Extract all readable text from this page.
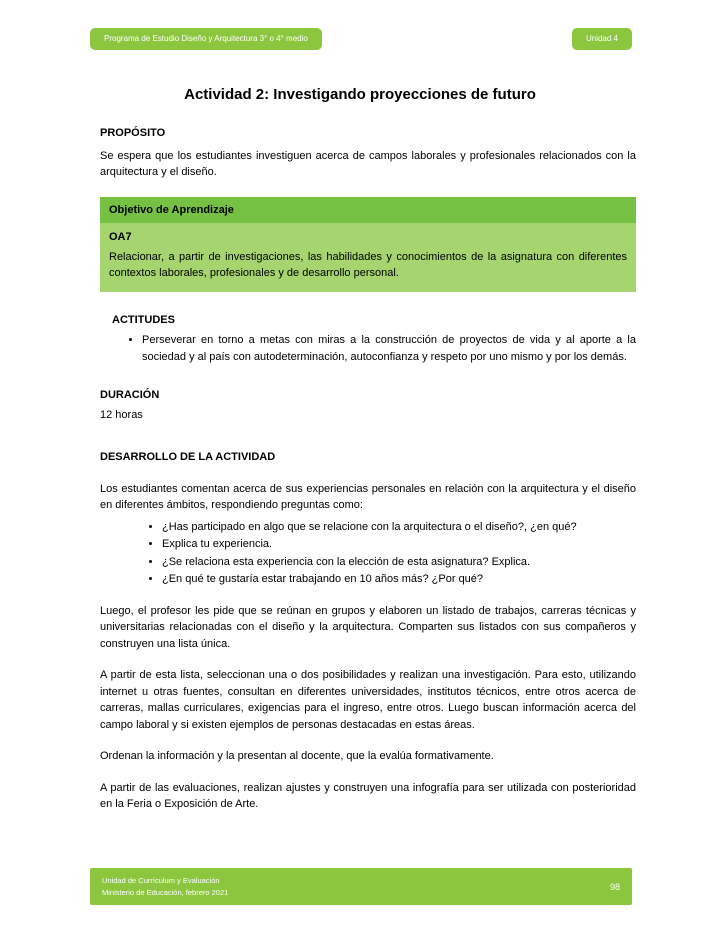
Programa de Estudio Diseño y Arquitectura 3° o 4° medio	Unidad 4
Actividad 2: Investigando proyecciones de futuro
PROPÓSITO

Se espera que los estudiantes investiguen acerca de campos laborales y profesionales relacionados con la arquitectura y el diseño.

Objetivo de Aprendizaje
OA7

Relacionar, a partir de investigaciones, las habilidades y conocimientos de la asignatura con diferentes contextos laborales, profesionales y de desarrollo personal.

ACTITUDES
• Perseverar en torno a metas con miras a la construcción de proyectos de vida y al aporte a la sociedad y al país con autodeterminación, autoconfianza y respeto por uno mismo y por los demás.
DURACIÓN

12 horas

DESARROLLO DE LA ACTIVIDAD

Los estudiantes comentan acerca de sus experiencias personales en relación con la arquitectura y el diseño en diferentes ámbitos, respondiendo preguntas como:

• ¿Has participado en algo que se relacione con la arquitectura o el diseño?, ¿en qué?
• Explica tu experiencia.
• ¿Se relaciona esta experiencia con la elección de esta asignatura? Explica.
• ¿En qué te gustaría estar trabajando en 10 años más? ¿Por qué?

Luego, el profesor les pide que se reúnan en grupos y elaboren un listado de trabajos, carreras técnicas y universitarias relacionadas con el diseño y la arquitectura. Comparten sus listados con sus compañeros y construyen una lista única.

A partir de esta lista, seleccionan una o dos posibilidades y realizan una investigación. Para esto, utilizando internet u otras fuentes, consultan en diferentes universidades, institutos técnicos, entre otros acerca de carreras, mallas curriculares, exigencias para el ingreso, entre otros. Luego buscan información acerca del campo laboral y si existen ejemplos de personas destacadas en estas áreas.

Ordenan la información y la presentan al docente, que la evalúa formativamente.

A partir de las evaluaciones, realizan ajustes y construyen una infografía para ser utilizada con posterioridad en la Feria o Exposición de Arte.

Unidad de Currículum y Evaluación
Ministerio de Educación, febrero 2021
98
